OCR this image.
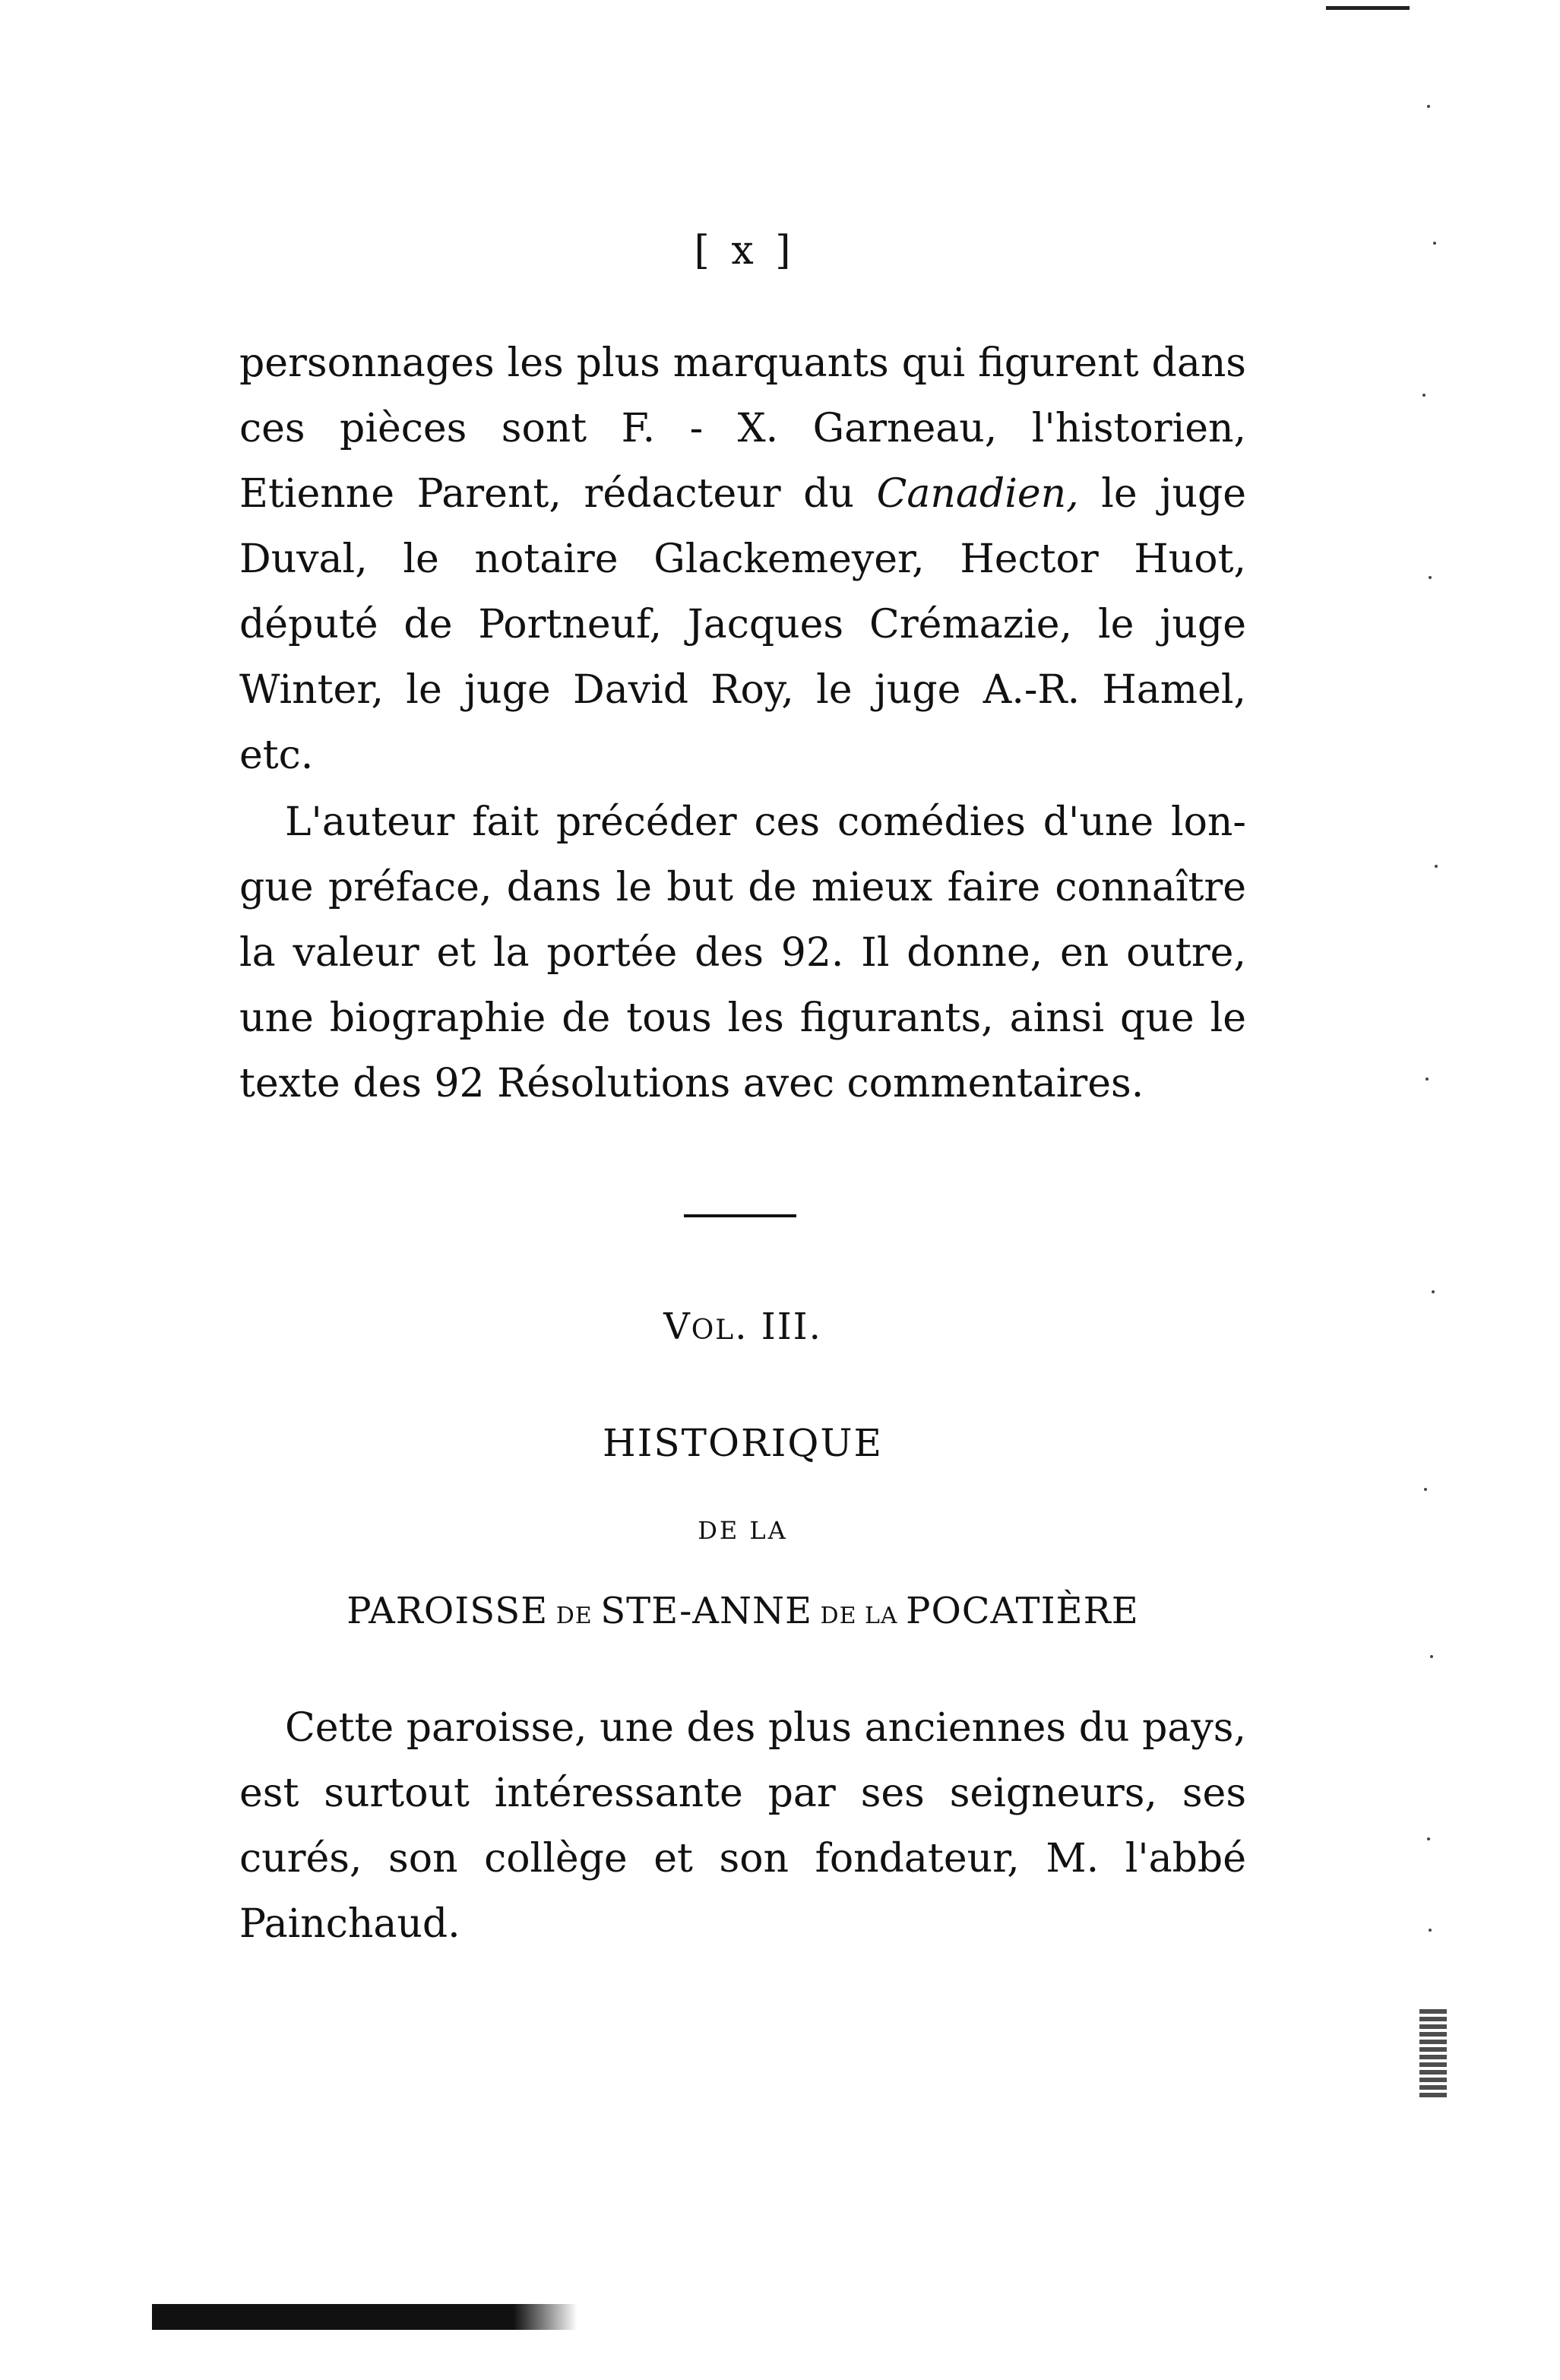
[ x ]
personnages les plus marquants qui figurent dans
ces pièces sont F. - X. Garneau, l'historien,
Etienne Parent, rédacteur du Canadien, le juge
Duval, le notaire Glackemeyer, Hector Huot,
député de Portneuf, Jacques Crémazie, le juge
Winter, le juge David Roy, le juge A.-R. Hamel,
etc.
L'auteur fait précéder ces comédies d'une lon-
gue préface, dans le but de mieux faire connaître
la valeur et la portée des 92. Il donne, en outre,
une biographie de tous les figurants, ainsi que le
texte des 92 Résolutions avec commentaires.
VOL. III.
HISTORIQUE
DE LA
PAROISSE DE STE-ANNE DE LA POCATIÈRE
Cette paroisse, une des plus anciennes du pays,
est surtout intéressante par ses seigneurs, ses
curés, son collège et son fondateur, M. l'abbé
Painchaud.
